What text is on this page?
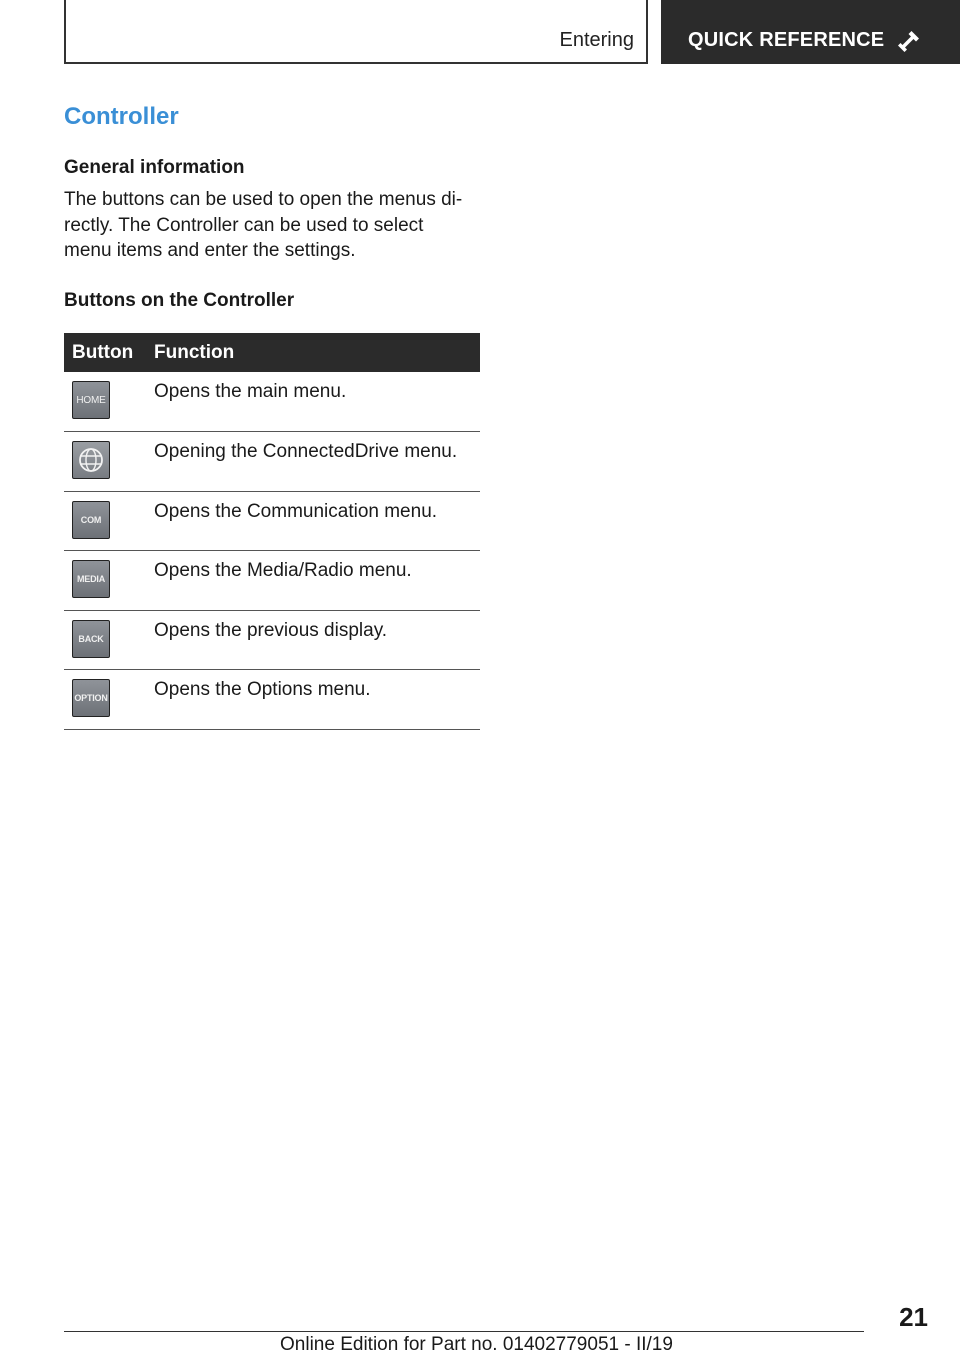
Entering	QUICK REFERENCE
Controller
General information
The buttons can be used to open the menus di-
rectly. The Controller can be used to select
menu items and enter the settings.
Buttons on the Controller
Button	Function

HOME	Opens the main menu.

	Opening the ConnectedDrive menu.

COM	Opens the Communication menu.

MEDIA	Opens the Media/Radio menu.

BACK	Opens the previous display.

OPTION	Opens the Options menu.
21
Online Edition for Part no. 01402779051 - II/19
